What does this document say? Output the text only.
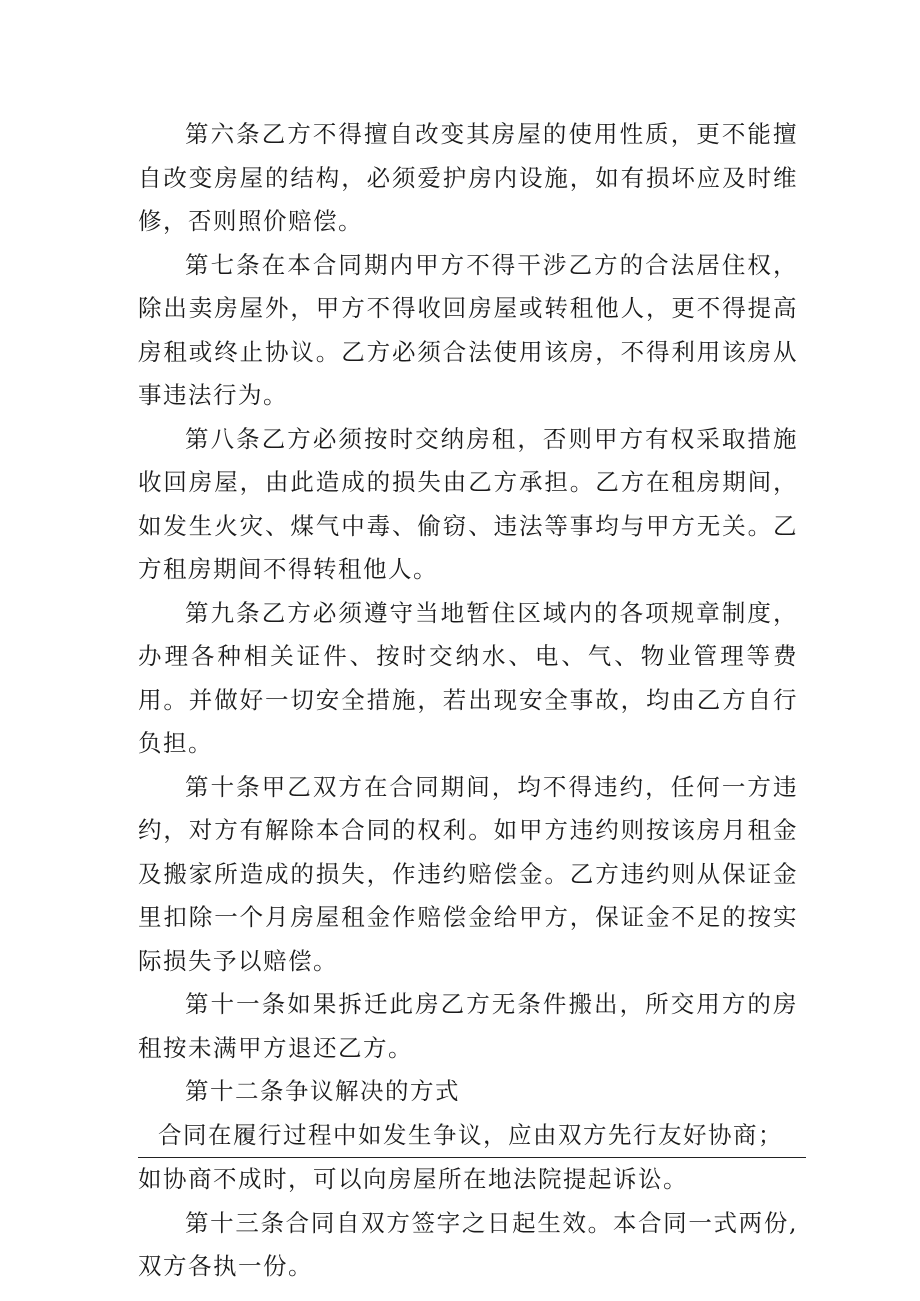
第六条乙方不得擅自改变其房屋的使用性质，更不能擅自改变房屋的结构，必须爱护房内设施，如有损坏应及时维修，否则照价赔偿。

第七条在本合同期内甲方不得干涉乙方的合法居住权，除出卖房屋外，甲方不得收回房屋或转租他人，更不得提高房租或终止协议。乙方必须合法使用该房，不得利用该房从事违法行为。

第八条乙方必须按时交纳房租，否则甲方有权采取措施收回房屋，由此造成的损失由乙方承担。乙方在租房期间，如发生火灾、煤气中毒、偷窃、违法等事均与甲方无关。乙方租房期间不得转租他人。

第九条乙方必须遵守当地暂住区域内的各项规章制度，办理各种相关证件、按时交纳水、电、气、物业管理等费用。并做好一切安全措施，若出现安全事故，均由乙方自行负担。

第十条甲乙双方在合同期间，均不得违约，任何一方违约，对方有解除本合同的权利。如甲方违约则按该房月租金及搬家所造成的损失，作违约赔偿金。乙方违约则从保证金里扣除一个月房屋租金作赔偿金给甲方，保证金不足的按实际损失予以赔偿。

第十一条如果拆迁此房乙方无条件搬出，所交用方的房租按未满甲方退还乙方。

第十二条争议解决的方式

合同在履行过程中如发生争议，应由双方先行友好协商；
如协商不成时，可以向房屋所在地法院提起诉讼。

第十三条合同自双方签字之日起生效。本合同一式两份,双方各执一份。
